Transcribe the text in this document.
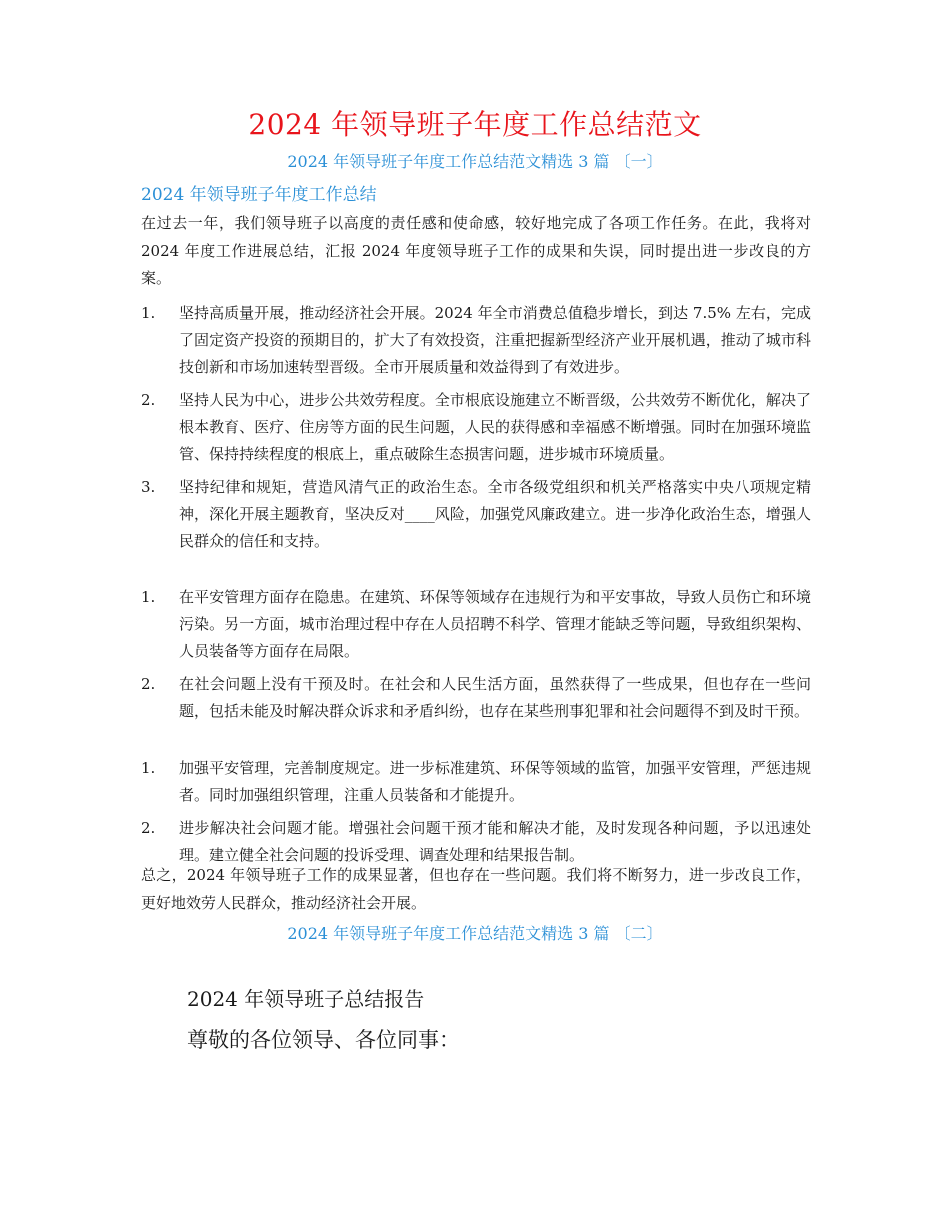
2024 年领导班子年度工作总结范文
2024 年领导班子年度工作总结范文精选 3 篇 〔一〕
2024 年领导班子年度工作总结
在过去一年，我们领导班子以高度的责任感和使命感，较好地完成了各项工作任务。在此，我将对 2024 年度工作进展总结，汇报 2024 年度领导班子工作的成果和失误，同时提出进一步改良的方案。
1. 坚持高质量开展，推动经济社会开展。2024 年全市消费总值稳步增长，到达 7.5% 左右，完成了固定资产投资的预期目的，扩大了有效投资，注重把握新型经济产业开展机遇，推动了城市科技创新和市场加速转型晋级。全市开展质量和效益得到了有效进步。
2. 坚持人民为中心，进步公共效劳程度。全市根底设施建立不断晋级，公共效劳不断优化，解决了根本教育、医疗、住房等方面的民生问题，人民的获得感和幸福感不断增强。同时在加强环境监管、保持持续程度的根底上，重点破除生态损害问题，进步城市环境质量。
3. 坚持纪律和规矩，营造风清气正的政治生态。全市各级党组织和机关严格落实中央八项规定精神，深化开展主题教育，坚决反对____风险，加强党风廉政建立。进一步净化政治生态，增强人民群众的信任和支持。
1. 在平安管理方面存在隐患。在建筑、环保等领域存在违规行为和平安事故，导致人员伤亡和环境污染。另一方面，城市治理过程中存在人员招聘不科学、管理才能缺乏等问题，导致组织架构、人员装备等方面存在局限。
2. 在社会问题上没有干预及时。在社会和人民生活方面，虽然获得了一些成果，但也存在一些问题，包括未能及时解决群众诉求和矛盾纠纷，也存在某些刑事犯罪和社会问题得不到及时干预。
1. 加强平安管理，完善制度规定。进一步标准建筑、环保等领域的监管，加强平安管理，严惩违规者。同时加强组织管理，注重人员装备和才能提升。
2. 进步解决社会问题才能。增强社会问题干预才能和解决才能，及时发现各种问题，予以迅速处理。建立健全社会问题的投诉受理、调查处理和结果报告制。
总之，2024 年领导班子工作的成果显著，但也存在一些问题。我们将不断努力，进一步改良工作，更好地效劳人民群众，推动经济社会开展。
2024 年领导班子年度工作总结范文精选 3 篇 〔二〕
2024 年领导班子总结报告
尊敬的各位领导、各位同事：
